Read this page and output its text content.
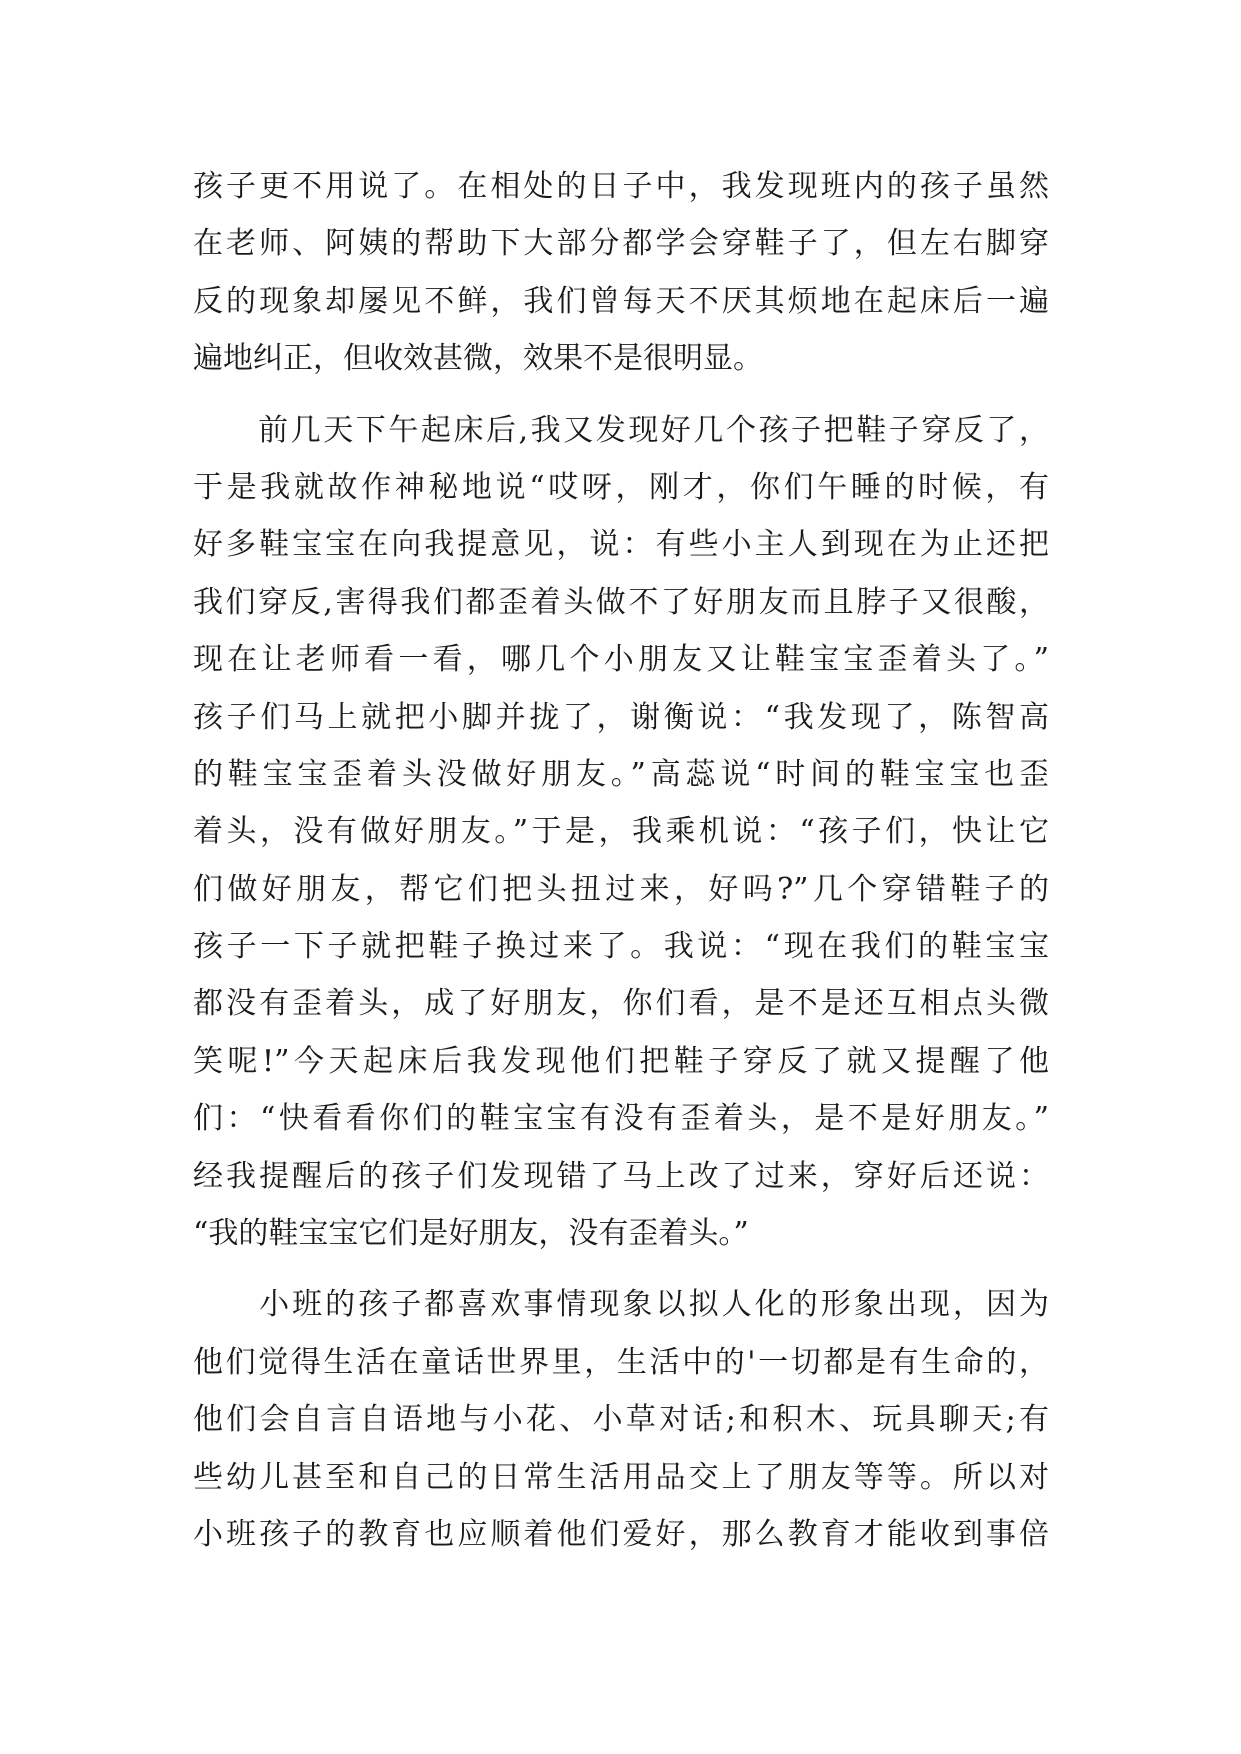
孩子更不用说了。在相处的日子中，我发现班内的孩子虽然
在老师、阿姨的帮助下大部分都学会穿鞋子了，但左右脚穿
反的现象却屡见不鲜，我们曾每天不厌其烦地在起床后一遍
遍地纠正，但收效甚微，效果不是很明显。
　　前几天下午起床后,我又发现好几个孩子把鞋子穿反了，
于是我就故作神秘地说“哎呀，刚才，你们午睡的时候，有
好多鞋宝宝在向我提意见，说：有些小主人到现在为止还把
我们穿反,害得我们都歪着头做不了好朋友而且脖子又很酸，
现在让老师看一看，哪几个小朋友又让鞋宝宝歪着头了。”
孩子们马上就把小脚并拢了，谢衡说：“我发现了，陈智高
的鞋宝宝歪着头没做好朋友。”高蕊说“时间的鞋宝宝也歪
着头，没有做好朋友。”于是，我乘机说：“孩子们，快让它
们做好朋友，帮它们把头扭过来，好吗?”几个穿错鞋子的
孩子一下子就把鞋子换过来了。我说：“现在我们的鞋宝宝
都没有歪着头，成了好朋友，你们看，是不是还互相点头微
笑呢!”今天起床后我发现他们把鞋子穿反了就又提醒了他
们：“快看看你们的鞋宝宝有没有歪着头，是不是好朋友。”
经我提醒后的孩子们发现错了马上改了过来，穿好后还说：
“我的鞋宝宝它们是好朋友，没有歪着头。”
　　小班的孩子都喜欢事情现象以拟人化的形象出现，因为
他们觉得生活在童话世界里，生活中的'一切都是有生命的，
他们会自言自语地与小花、小草对话;和积木、玩具聊天;有
些幼儿甚至和自己的日常生活用品交上了朋友等等。所以对
小班孩子的教育也应顺着他们爱好，那么教育才能收到事倍
